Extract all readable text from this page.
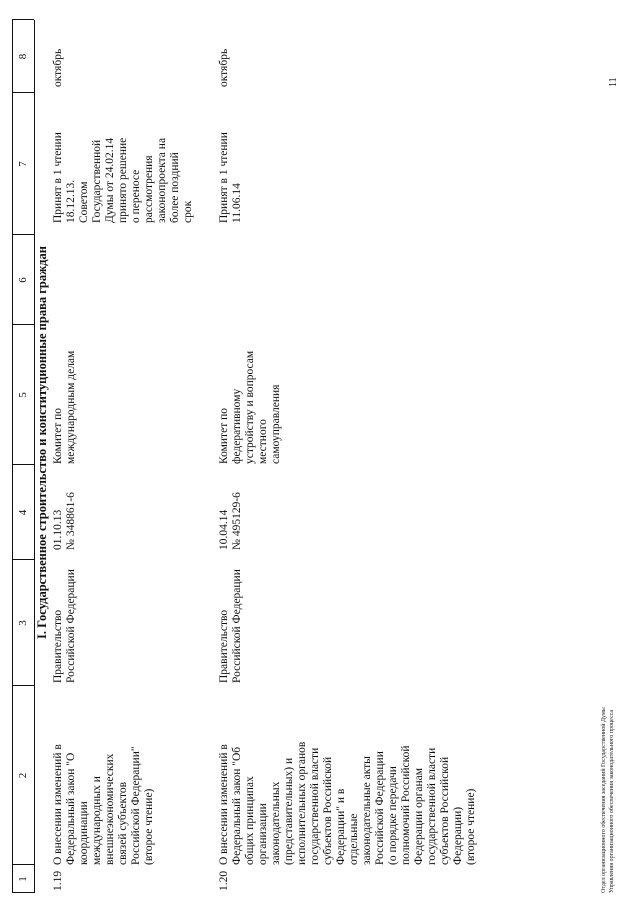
1
2
3
4
5
6
7
8
I. Государственное строительство и конституционные права граждан
1.19
О внесении изменений в
Федеральный закон "О
координации
международных и
внешнеэкономических
связей субъектов
Российской Федерации"
(второе чтение)
Правительство
Российской Федерации
01.10.13
№ 348861-6
Комитет по
международным делам
Принят в 1 чтении
18.12.13.
Советом
Государственной
Думы от 24.02.14
принято решение
о переносе
рассмотрения
законопроекта на
более поздний
срок
октябрь
1.20
О внесении изменений в
Федеральный закон "Об
общих принципах
организации
законодательных
(представительных) и
исполнительных органов
государственной власти
субъектов Российской
Федерации" и в
отдельные
законодательные акты
Российской Федерации
(о порядке передачи
полномочий Российской
Федерации органам
государственной власти
субъектов Российской
Федерации)
(второе чтение)
Правительство
Российской Федерации
10.04.14
№ 495129-6
Комитет по
федеративному
устройству и вопросам
местного
самоуправления
Принят в 1 чтении
11.06.14
октябрь
Отдел организационного обеспечения заседаний Государственной Думы Управления организационного обеспечения законодательного процесса
11
